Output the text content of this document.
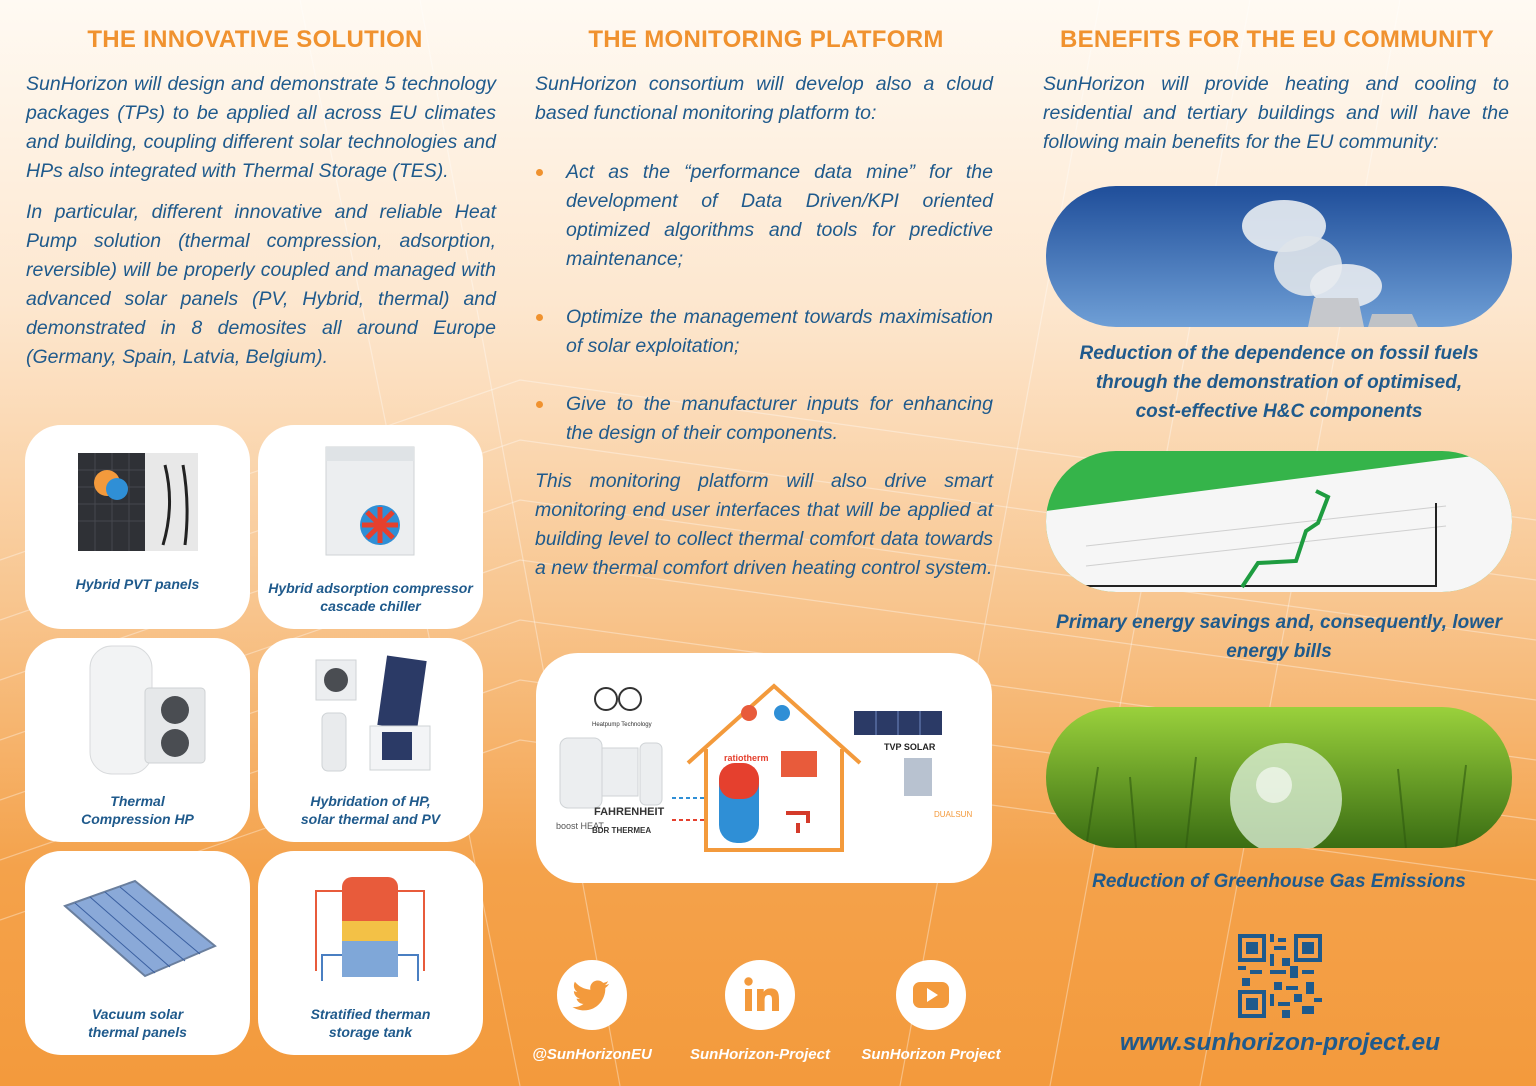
THE INNOVATIVE SOLUTION

SunHorizon will design and demonstrate 5 technology packages (TPs) to be applied all across EU climates and building, coupling different solar technologies and HPs also integrated with Thermal Storage (TES).

In particular, different innovative and reliable Heat Pump solution (thermal compression, adsorption, reversible) will be properly coupled and managed with advanced solar panels (PV, Hybrid, thermal) and demonstrated in 8 demosites all around Europe (Germany, Spain, Latvia, Belgium).

Hybrid PVT panels	Hybrid adsorption compressor cascade chiller
Thermal Compression HP
Hybridation of HP, solar thermal and PV
Vacuum solar thermal panels
Stratified therman storage tank
THE MONITORING PLATFORM
SunHorizon consortium will develop also a cloud based functional monitoring platform to:
Act as the “performance data mine” for the development of Data Driven/KPI oriented optimized algorithms and tools for predictive maintenance;
Optimize the management towards maximisation of solar exploitation;
Give to the manufacturer inputs for enhancing the design of their components.
This monitoring platform will also drive smart monitoring end user interfaces that will be applied at building level to collect thermal comfort data towards a new thermal comfort driven heating control system.
Heatpump Technology
FAHRENHEIT
boost HEAT
BDR THERMEA
ratiotherm
TVP SOLAR
DUALSUN
@SunHorizonEU	SunHorizon-Project	SunHorizon Project
BENEFITS FOR THE EU COMMUNITY
SunHorizon will provide heating and cooling to residential and tertiary buildings and will have the following main benefits for the EU community:
Reduction of the dependence on fossil fuels through the demonstration of optimised, cost-effective H&C components
Primary energy savings and, consequently, lower energy bills
Reduction of Greenhouse Gas Emissions
www.sunhorizon-project.eu
